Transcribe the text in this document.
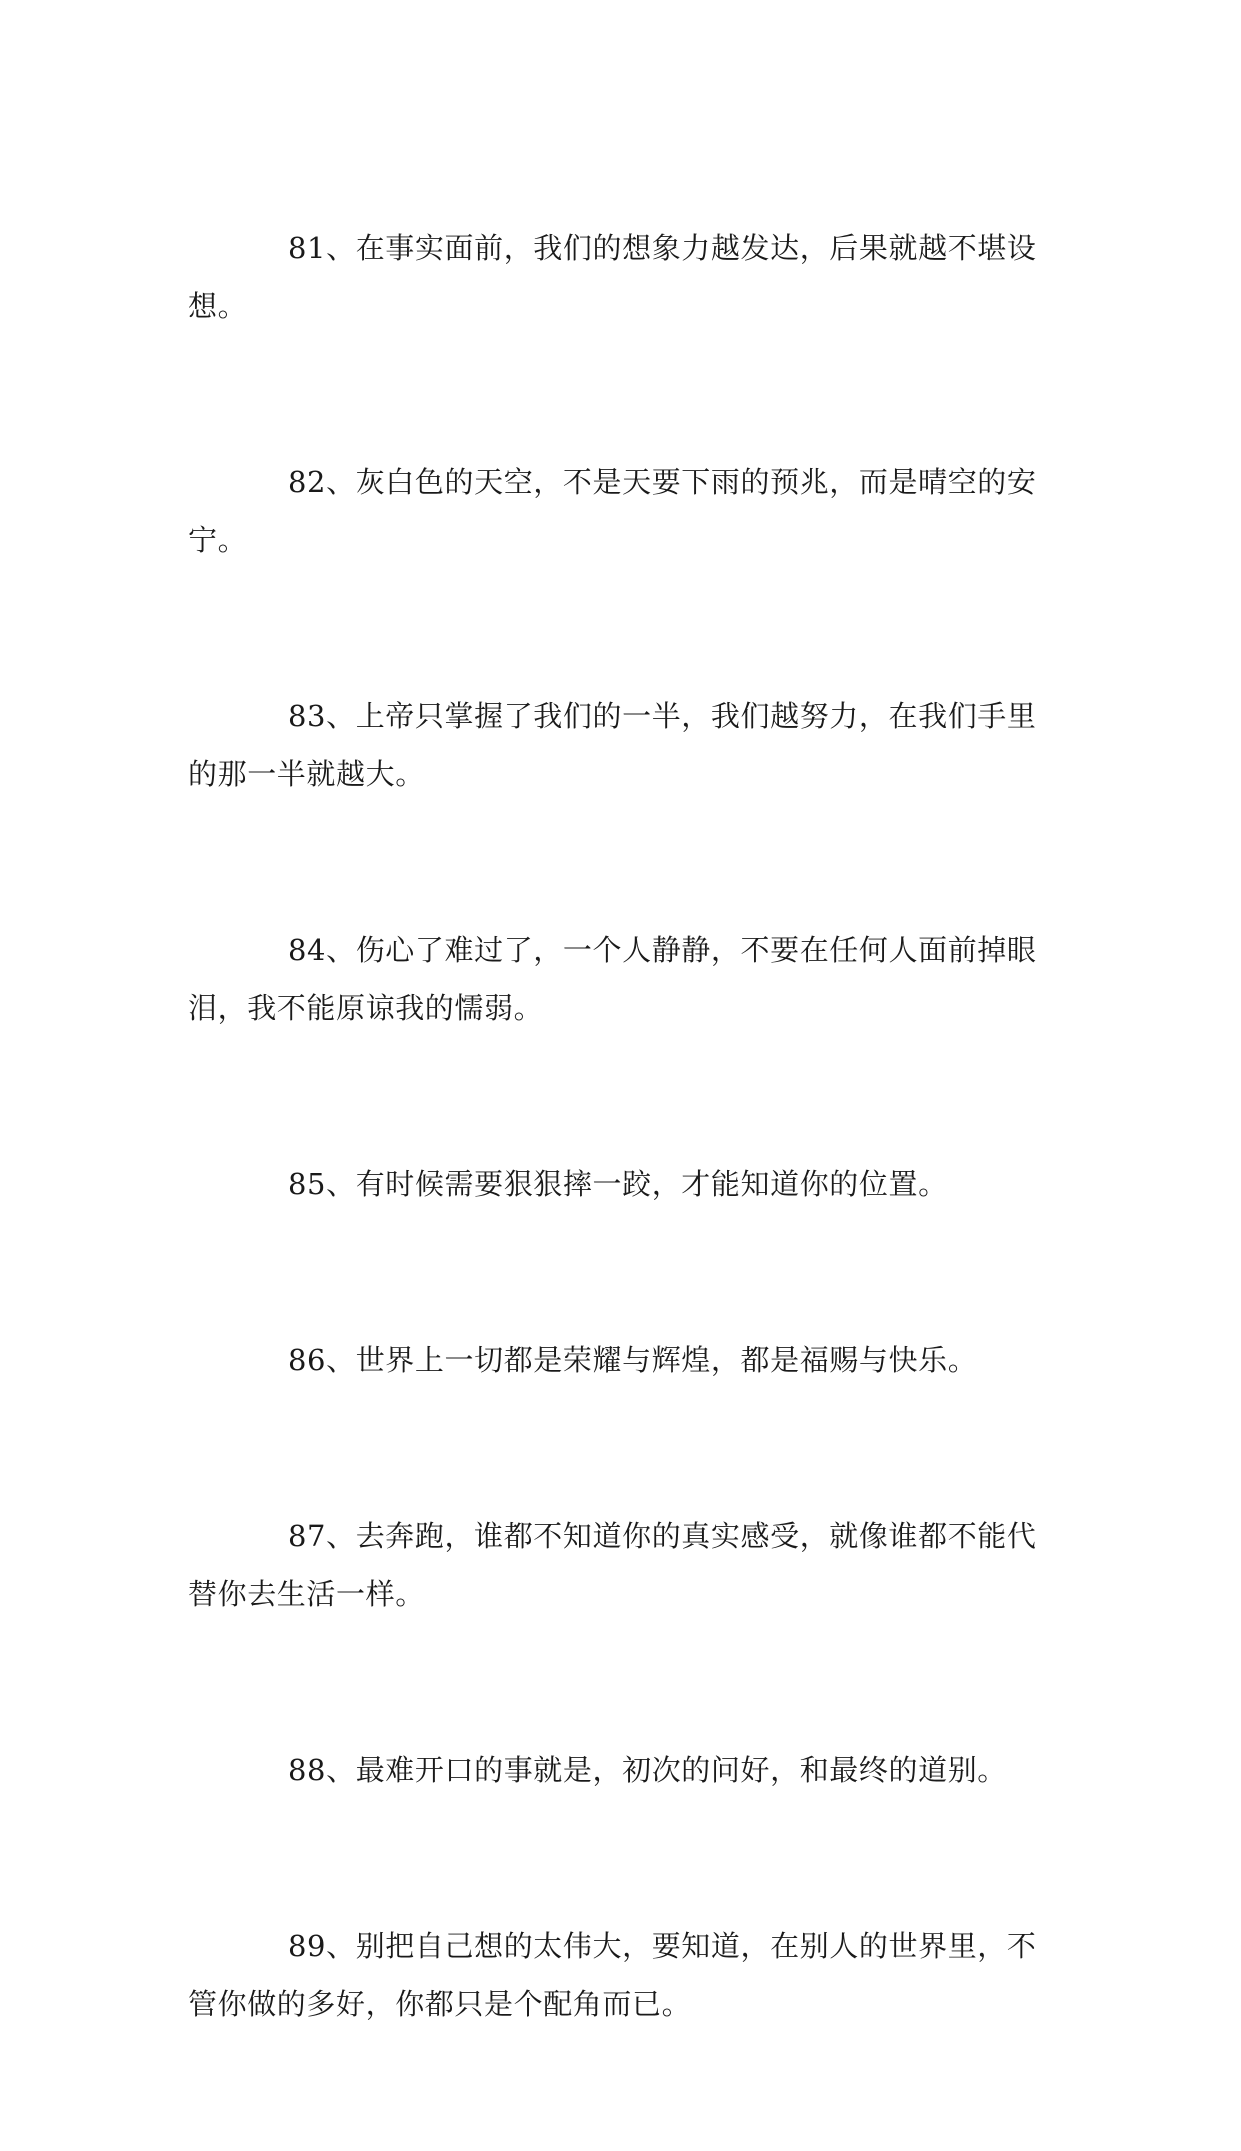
81、在事实面前，我们的想象力越发达，后果就越不堪设想。

82、灰白色的天空，不是天要下雨的预兆，而是晴空的安宁。

83、上帝只掌握了我们的一半，我们越努力，在我们手里的那一半就越大。

84、伤心了难过了，一个人静静，不要在任何人面前掉眼泪，我不能原谅我的懦弱。

85、有时候需要狠狠摔一跤，才能知道你的位置。

86、世界上一切都是荣耀与辉煌，都是福赐与快乐。

87、去奔跑，谁都不知道你的真实感受，就像谁都不能代替你去生活一样。

88、最难开口的事就是，初次的问好，和最终的道别。

89、别把自己想的太伟大，要知道，在别人的世界里，不管你做的多好，你都只是个配角而已。
